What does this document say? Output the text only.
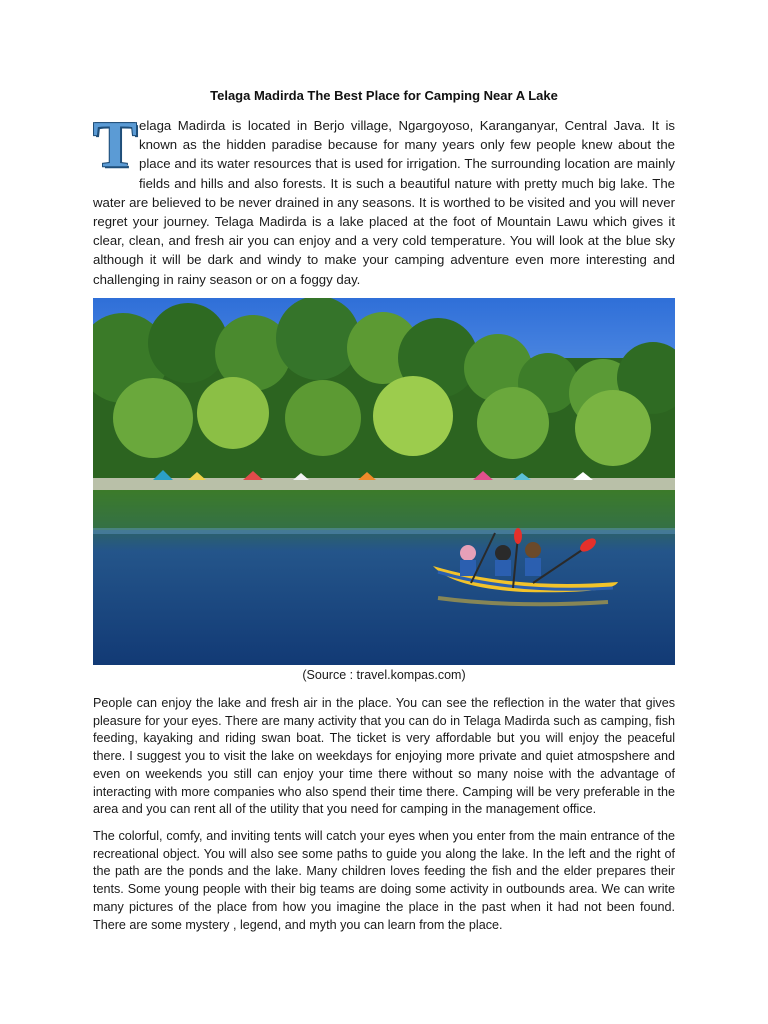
Telaga Madirda The Best Place for Camping Near A Lake
T elaga Madirda is located in Berjo village, Ngargoyoso, Karanganyar, Central Java. It is known as the hidden paradise because for many years only few people knew about the place and its water resources that is used for irrigation. The surrounding location are mainly fields and hills and also forests. It is such a beautiful nature with pretty much big lake. The water are believed to be never drained in any seasons. It is worthed to be visited and you will never regret your journey. Telaga Madirda is a lake placed at the foot of Mountain Lawu which gives it clear, clean, and fresh air you can enjoy and a very cold temperature. You will look at the blue sky although it will be dark and windy to make your camping adventure even more interesting and challenging in rainy season or on a foggy day.
(Source : travel.kompas.com)
People can enjoy the lake and fresh air in the place. You can see the reflection in the water that gives pleasure for your eyes. There are many activity that you can do in Telaga Madirda such as camping, fish feeding, kayaking and riding swan boat. The ticket is very affordable but you will enjoy the peaceful there. I suggest you to visit the lake on weekdays for enjoying more private and quiet atmospshere and even on weekends you still can enjoy your time there without so many noise with the advantage of interacting with more companies who also spend their time there. Camping will be very preferable in the area and you can rent all of the utility that you need for camping in the management office.
The colorful, comfy, and inviting tents will catch your eyes when you enter from the main entrance of the recreational object. You will also see some paths to guide you along the lake. In the left and the right of the path are the ponds and the lake. Many children loves feeding the fish and the elder prepares their tents. Some young people with their big teams are doing some activity in outbounds area. We can write many pictures of the place from how you imagine the place in the past when it had not been found. There are some mystery , legend, and myth you can learn from the place.
